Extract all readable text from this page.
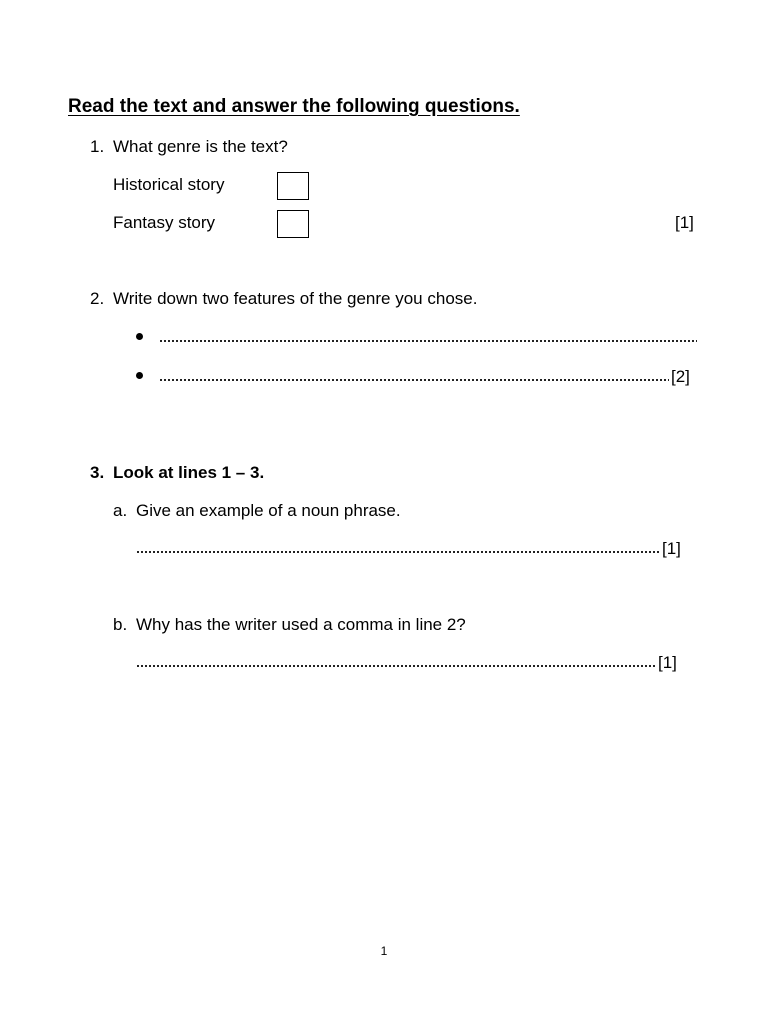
Read the text and answer the following questions.
1. What genre is the text?
Historical story
Fantasy story	[1]
2. Write down two features of the genre you chose.
[2]
3. Look at lines 1 – 3.
a. Give an example of a noun phrase.
[1]
b. Why has the writer used a comma in line 2?
[1]
1
